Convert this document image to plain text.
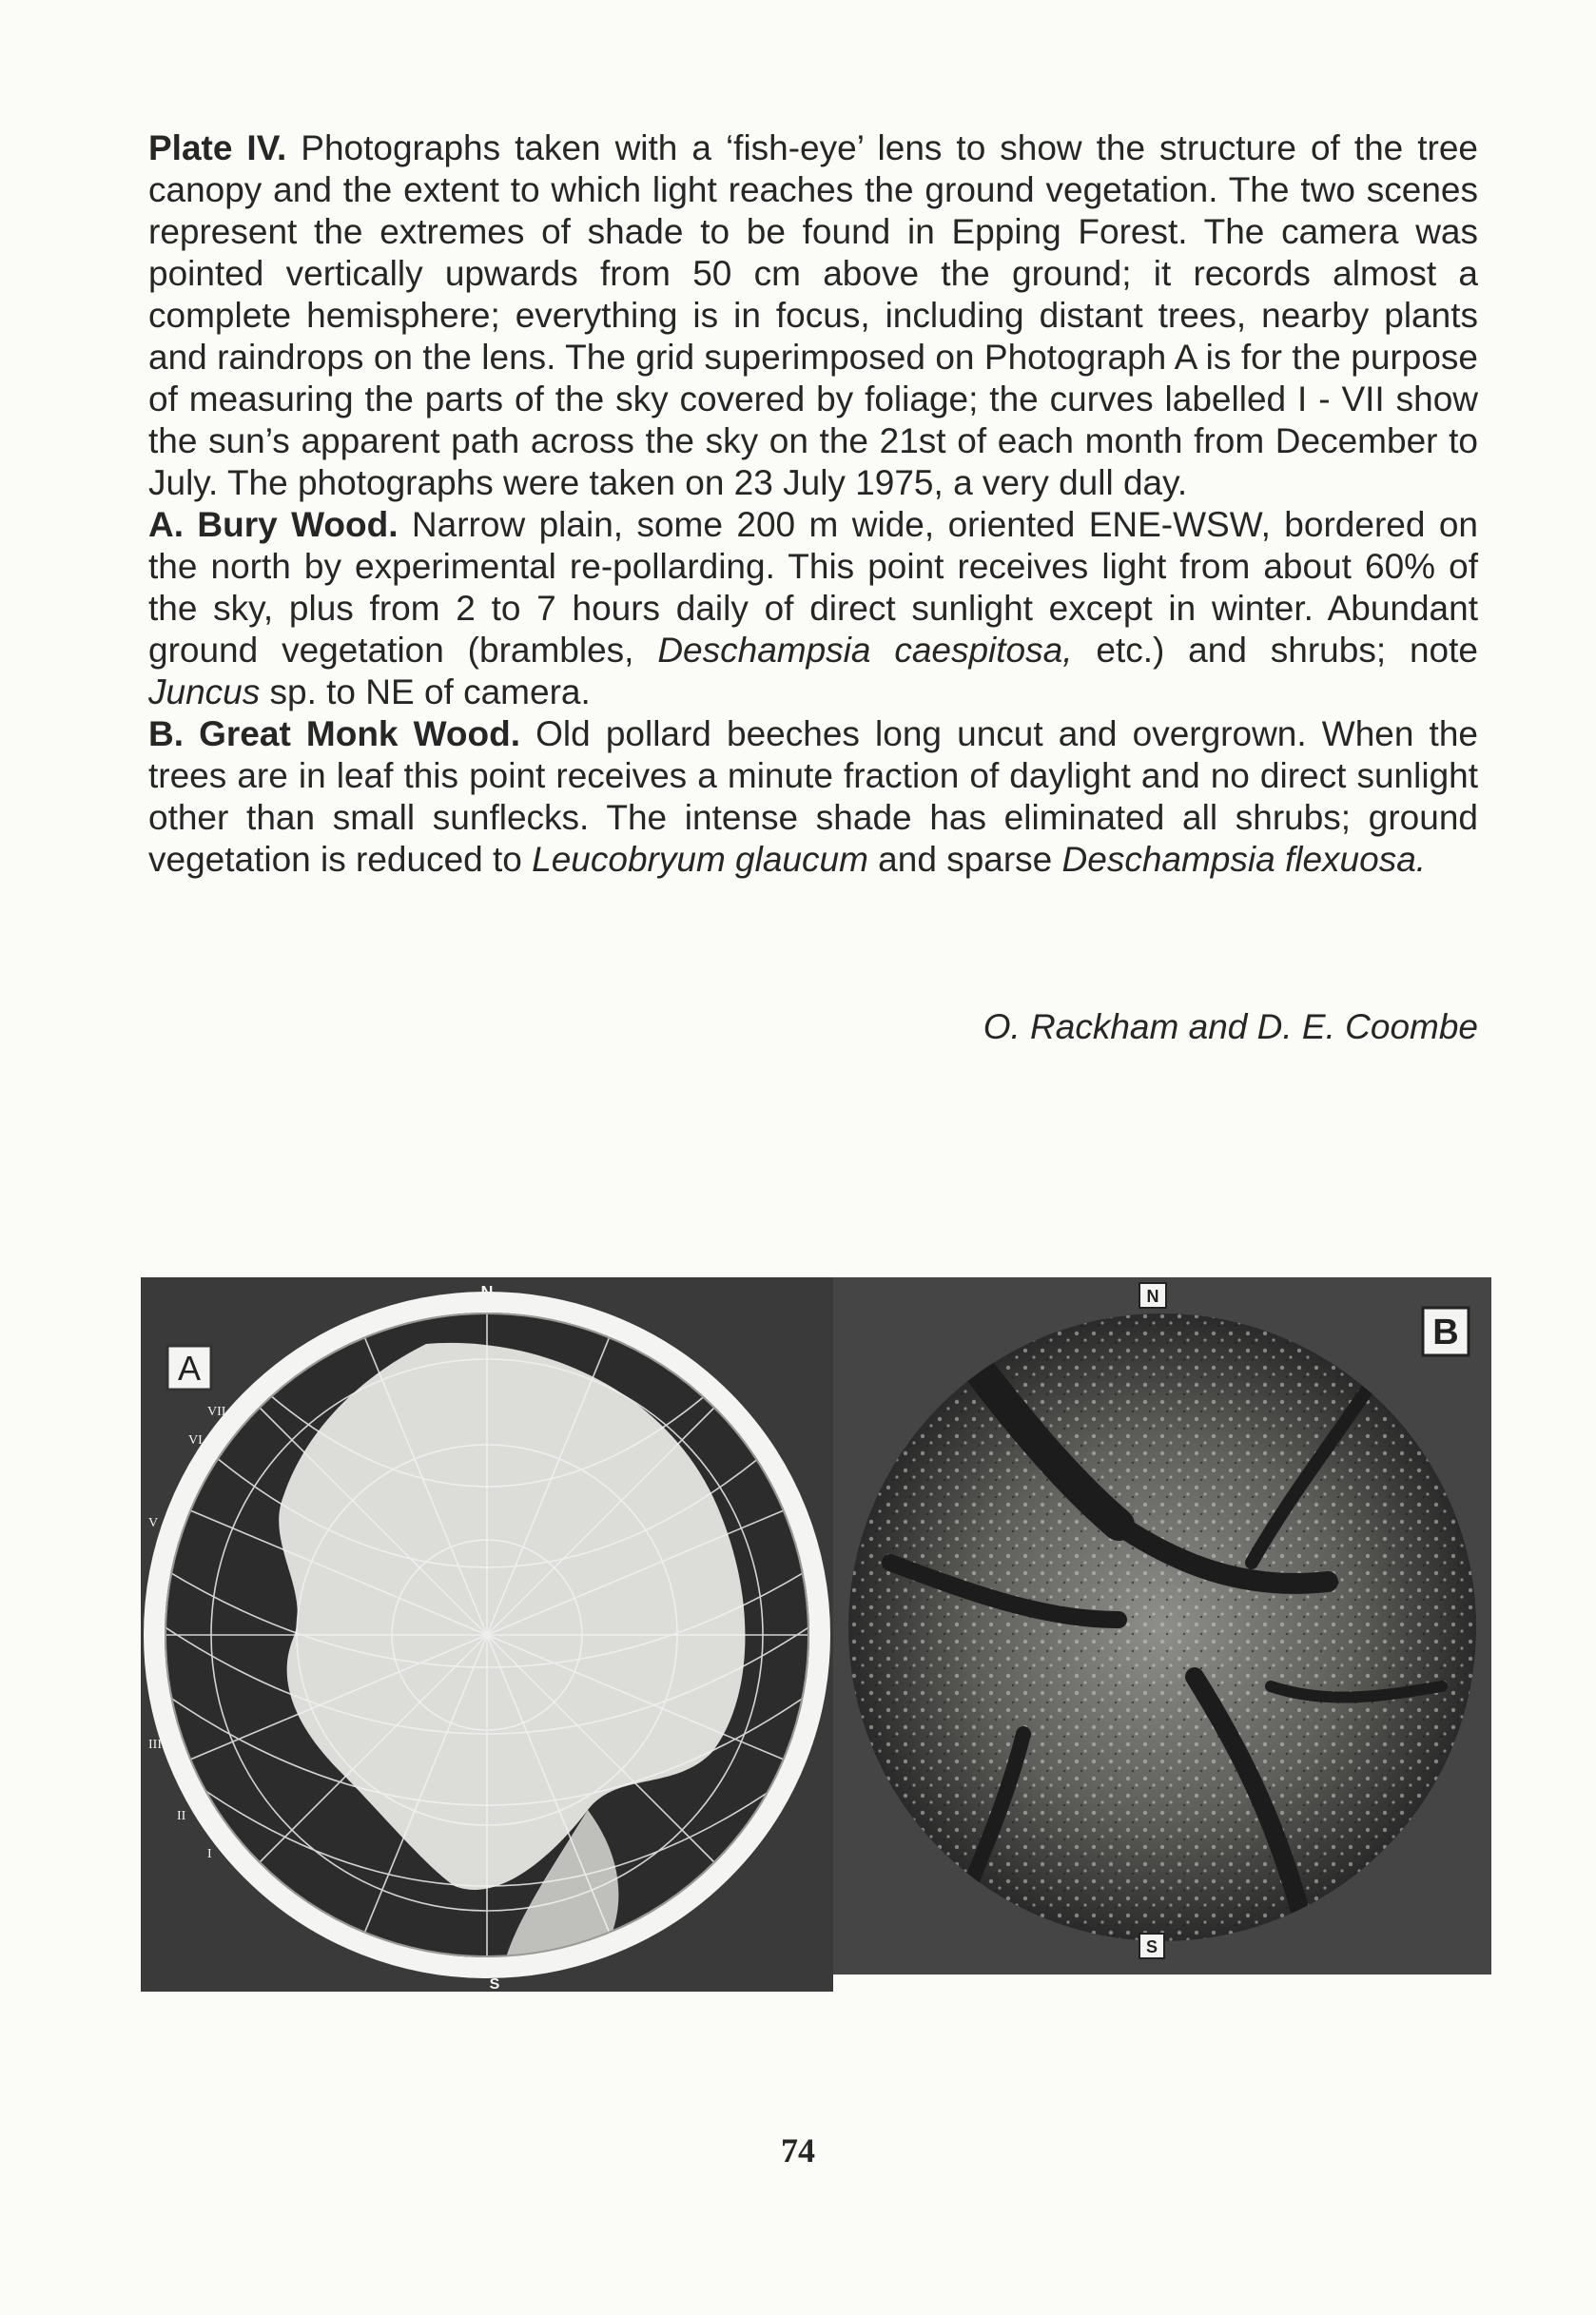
Plate IV. Photographs taken with a ‘fish-eye’ lens to show the structure of the tree canopy and the extent to which light reaches the ground vegetation. The two scenes represent the extremes of shade to be found in Epping Forest. The camera was pointed vertically upwards from 50 cm above the ground; it records almost a complete hemisphere; everything is in focus, including distant trees, nearby plants and raindrops on the lens. The grid superimposed on Photograph A is for the purpose of measuring the parts of the sky covered by foliage; the curves labelled I - VII show the sun’s apparent path across the sky on the 21st of each month from December to July. The photographs were taken on 23 July 1975, a very dull day.

A. Bury Wood. Narrow plain, some 200 m wide, oriented ENE-WSW, bordered on the north by experimental re-pollarding. This point receives light from about 60% of the sky, plus from 2 to 7 hours daily of direct sunlight except in winter. Abundant ground vegetation (brambles, Deschampsia caespitosa, etc.) and shrubs; note Juncus sp. to NE of camera.

B. Great Monk Wood. Old pollard beeches long uncut and overgrown. When the trees are in leaf this point receives a minute fraction of daylight and no direct sunlight other than small sunflecks. The intense shade has eliminated all shrubs; ground vegetation is reduced to Leucobryum glaucum and sparse Deschampsia flexuosa.

O. Rackham and D. E. Coombe
A
N
S
VII
VI
V
III
II
I
N
S
B
74
